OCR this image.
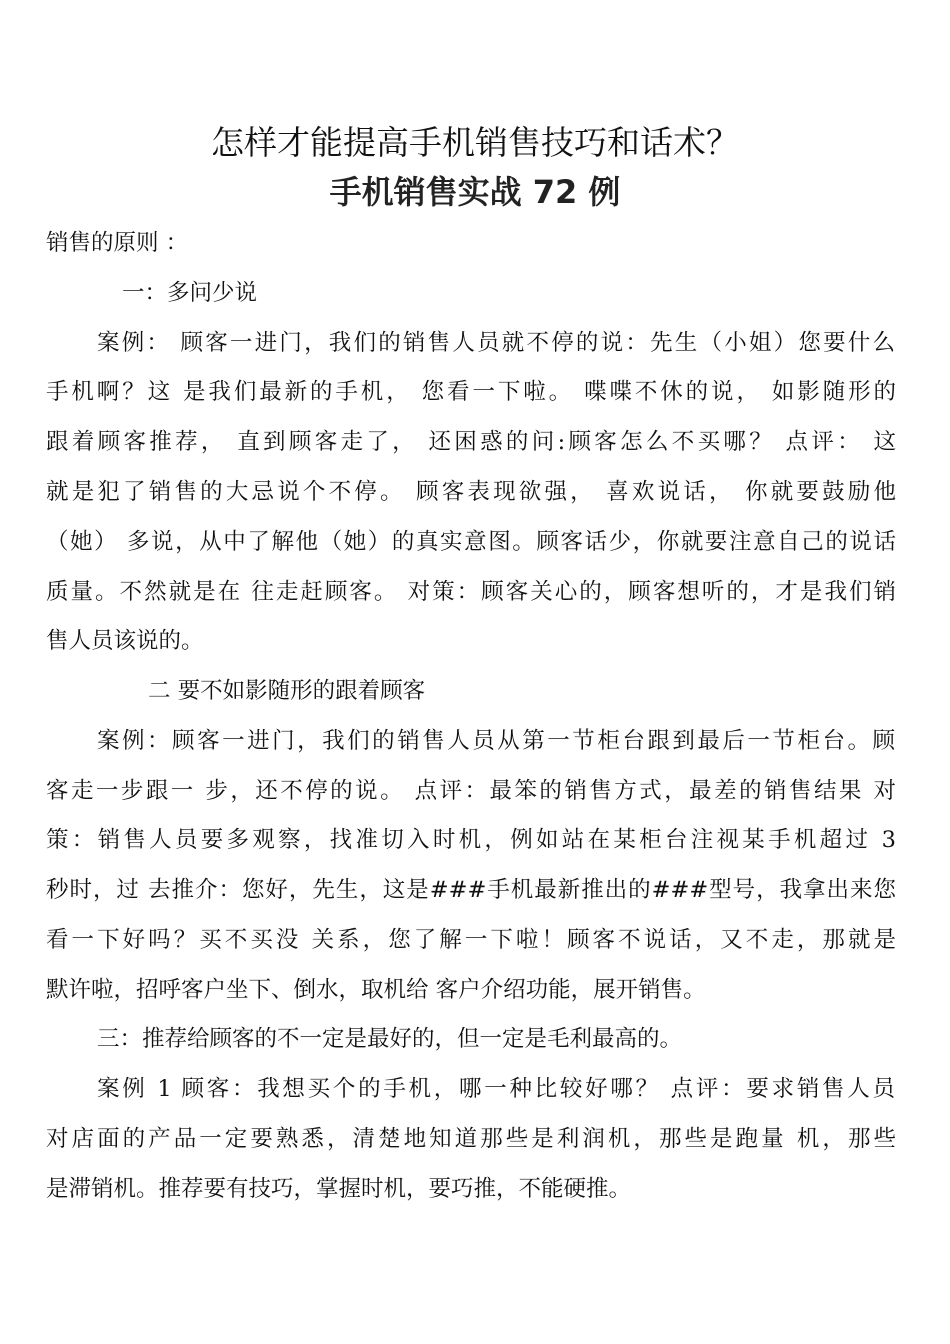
怎样才能提高手机销售技巧和话术？
手机销售实战 72 例
销售的原则 ：
一：多问少说
案例： 顾客一进门，我们的销售人员就不停的说：先生（小姐）您要什么
手机啊？这 是我们最新的手机， 您看一下啦。 喋喋不休的说， 如影随形的
跟着顾客推荐， 直到顾客走了， 还困惑的问:顾客怎么不买哪？ 点评： 这
就是犯了销售的大忌说个不停。 顾客表现欲强， 喜欢说话， 你就要鼓励他
（她） 多说，从中了解他（她）的真实意图。顾客话少，你就要注意自己的说话
质量。不然就是在 往走赶顾客。 对策：顾客关心的，顾客想听的，才是我们销
售人员该说的。
二 要不如影随形的跟着顾客
案例：顾客一进门，我们的销售人员从第一节柜台跟到最后一节柜台。顾
客走一步跟一 步，还不停的说。 点评：最笨的销售方式，最差的销售结果 对
策：销售人员要多观察，找准切入时机，例如站在某柜台注视某手机超过 3
秒时，过 去推介：您好，先生，这是###手机最新推出的###型号，我拿出来您
看一下好吗？买不买没 关系，您了解一下啦！顾客不说话，又不走，那就是
默许啦，招呼客户坐下、倒水，取机给 客户介绍功能，展开销售。
三：推荐给顾客的不一定是最好的，但一定是毛利最高的。
案例 1 顾客：我想买个的手机，哪一种比较好哪？ 点评：要求销售人员
对店面的产品一定要熟悉，清楚地知道那些是利润机，那些是跑量 机，那些
是滞销机。推荐要有技巧，掌握时机，要巧推，不能硬推。
